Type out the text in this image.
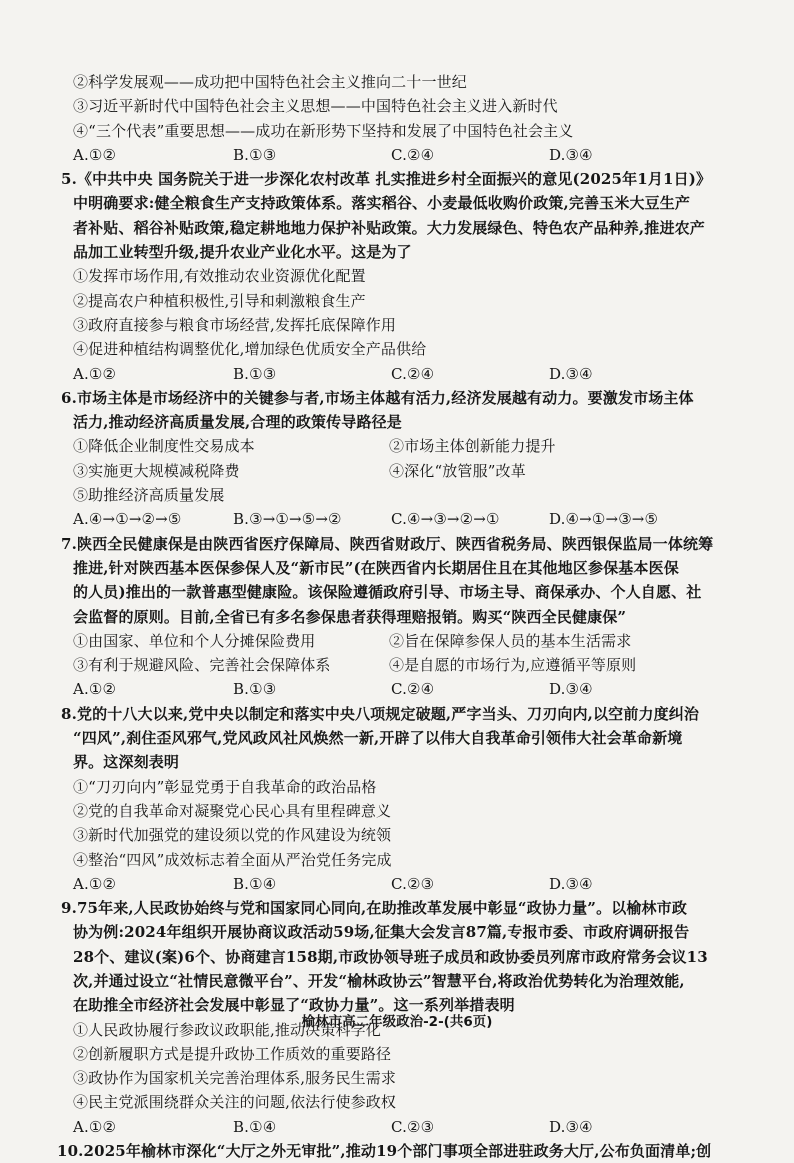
②科学发展观——成功把中国特色社会主义推向二十一世纪
③习近平新时代中国特色社会主义思想——中国特色社会主义进入新时代
④“三个代表”重要思想——成功在新形势下坚持和发展了中国特色社会主义
A.①②	B.①③	C.②④	D.③④
5.《中共中央 国务院关于进一步深化农村改革 扎实推进乡村全面振兴的意见(2025年1月1日)》
中明确要求:健全粮食生产支持政策体系。落实稻谷、小麦最低收购价政策,完善玉米大豆生产
者补贴、稻谷补贴政策,稳定耕地地力保护补贴政策。大力发展绿色、特色农产品种养,推进农产
品加工业转型升级,提升农业产业化水平。这是为了
①发挥市场作用,有效推动农业资源优化配置
②提高农户种植积极性,引导和刺激粮食生产
③政府直接参与粮食市场经营,发挥托底保障作用
④促进种植结构调整优化,增加绿色优质安全产品供给
A.①②	B.①③	C.②④	D.③④
6.市场主体是市场经济中的关键参与者,市场主体越有活力,经济发展越有动力。要激发市场主体
活力,推动经济高质量发展,合理的政策传导路径是
①降低企业制度性交易成本	②市场主体创新能力提升
③实施更大规模减税降费	④深化“放管服”改革
⑤助推经济高质量发展
A.④→①→②→⑤	B.③→①→⑤→②	C.④→③→②→①	D.④→①→③→⑤
7.陕西全民健康保是由陕西省医疗保障局、陕西省财政厅、陕西省税务局、陕西银保监局一体统筹
推进,针对陕西基本医保参保人及“新市民”(在陕西省内长期居住且在其他地区参保基本医保
的人员)推出的一款普惠型健康险。该保险遵循政府引导、市场主导、商保承办、个人自愿、社
会监督的原则。目前,全省已有多名参保患者获得理赔报销。购买“陕西全民健康保”
①由国家、单位和个人分摊保险费用	②旨在保障参保人员的基本生活需求
③有利于规避风险、完善社会保障体系	④是自愿的市场行为,应遵循平等原则
A.①②	B.①③	C.②④	D.③④
8.党的十八大以来,党中央以制定和落实中央八项规定破题,严字当头、刀刃向内,以空前力度纠治
“四风”,刹住歪风邪气,党风政风社风焕然一新,开辟了以伟大自我革命引领伟大社会革命新境
界。这深刻表明
①“刀刃向内”彰显党勇于自我革命的政治品格
②党的自我革命对凝聚党心民心具有里程碑意义
③新时代加强党的建设须以党的作风建设为统领
④整治“四风”成效标志着全面从严治党任务完成
A.①②	B.①④	C.②③	D.③④
9.75年来,人民政协始终与党和国家同心同向,在助推改革发展中彰显“政协力量”。以榆林市政
协为例:2024年组织开展协商议政活动59场,征集大会发言87篇,专报市委、市政府调研报告
28个、建议(案)6个、协商建言158期,市政协领导班子成员和政协委员列席市政府常务会议13
次,并通过设立“社情民意微平台”、开发“榆林政协云”智慧平台,将政治优势转化为治理效能,
在助推全市经济社会发展中彰显了“政协力量”。这一系列举措表明
①人民政协履行参政议政职能,推动决策科学化
②创新履职方式是提升政协工作质效的重要路径
③政协作为国家机关完善治理体系,服务民生需求
④民主党派围绕群众关注的问题,依法行使参政权
A.①②	B.①④	C.②③	D.③④
10.2025年榆林市深化“大厅之外无审批”,推动19个部门事项全部进驻政务大厅,公布负面清单;创
榆林市高二年级政治-2-(共6页)
